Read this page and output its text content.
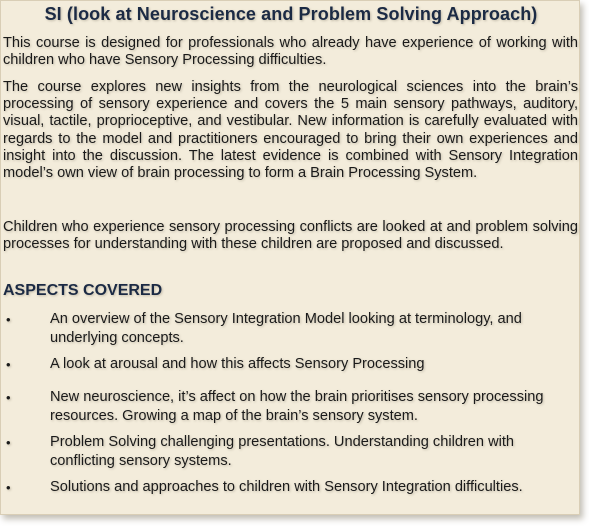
SI (look at Neuroscience and Problem Solving Approach)

This course is designed for professionals who already have experience of working with children who have Sensory Processing difficulties.

The course explores new insights from the neurological sciences into the brain’s processing of sensory experience and covers the 5 main sensory pathways, auditory, visual, tactile, proprioceptive, and vestibular. New information is carefully evaluated with regards to the model and practitioners encouraged to bring their own experiences and insight into the discussion. The latest evidence is combined with Sensory Integration model’s own view of brain processing to form a Brain Processing System.

Children who experience sensory processing conflicts are looked at and problem solving processes for understanding with these children are proposed and discussed.

ASPECTS COVERED
•	An overview of the Sensory Integration Model looking at terminology, and underlying concepts.
•	A look at arousal and how this affects Sensory Processing
•	New neuroscience, it’s affect on how the brain prioritises sensory processing resources. Growing a map of the brain’s sensory system.
•	Problem Solving challenging presentations. Understanding children with conflicting sensory systems.
•	Solutions and approaches to children with Sensory Integration difficulties.
